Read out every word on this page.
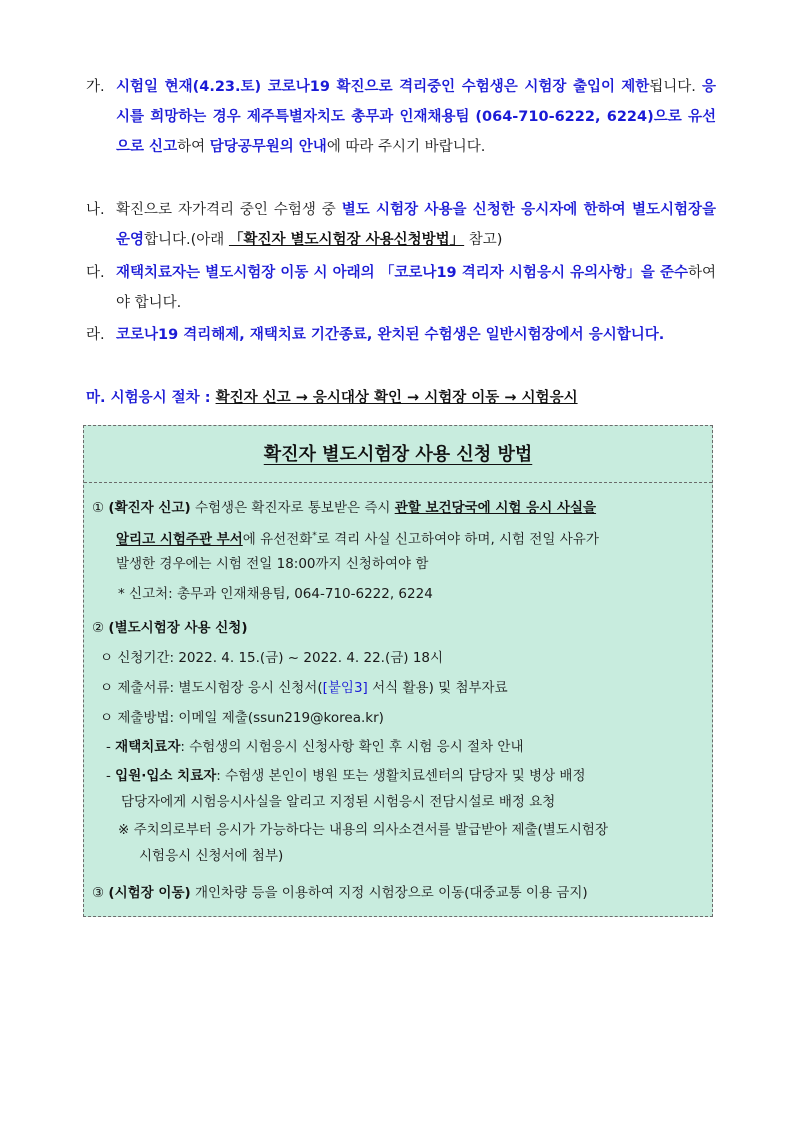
가. 시험일 현재(4.23.토) 코로나19 확진으로 격리중인 수험생은 시험장 출입이 제한됩니다. 응시를 희망하는 경우 제주특별자치도 총무과 인재채용팀 (064-710-6222, 6224)으로 유선으로 신고하여 담당공무원의 안내에 따라 주시기 바랍니다.
나. 확진으로 자가격리 중인 수험생 중 별도 시험장 사용을 신청한 응시자에 한하여 별도시험장을 운영합니다.(아래 「확진자 별도시험장 사용신청방법」 참고)
다. 재택치료자는 별도시험장 이동 시 아래의 「코로나19 격리자 시험응시 유의사항」을 준수하여야 합니다.
라. 코로나19 격리해제, 재택치료 기간종료, 완치된 수험생은 일반시험장에서 응시합니다.
마. 시험응시 절차 : 확진자 신고 → 응시대상 확인 → 시험장 이동 → 시험응시
확진자 별도시험장 사용 신청 방법
① (확진자 신고) 수험생은 확진자로 통보받은 즉시 관할 보건당국에 시험 응시 사실을
알리고 시험주관 부서에 유선전화*로 격리 사실 신고하여야 하며, 시험 전일 사유가
발생한 경우에는 시험 전일 18:00까지 신청하여야 함
* 신고처: 총무과 인재채용팀, 064-710-6222, 6224
② (별도시험장 사용 신청)
ㅇ 신청기간: 2022. 4. 15.(금) ~ 2022. 4. 22.(금) 18시
ㅇ 제출서류: 별도시험장 응시 신청서([붙임3] 서식 활용) 및 첨부자료
ㅇ 제출방법: 이메일 제출(ssun219@korea.kr)
- 재택치료자: 수험생의 시험응시 신청사항 확인 후 시험 응시 절차 안내
- 입원·입소 치료자: 수험생 본인이 병원 또는 생활치료센터의 담당자 및 병상 배정
담당자에게 시험응시사실을 알리고 지정된 시험응시 전담시설로 배정 요청
※ 주치의로부터 응시가 가능하다는 내용의 의사소견서를 발급받아 제출(별도시험장
시험응시 신청서에 첨부)
③ (시험장 이동) 개인차량 등을 이용하여 지정 시험장으로 이동(대중교통 이용 금지)
